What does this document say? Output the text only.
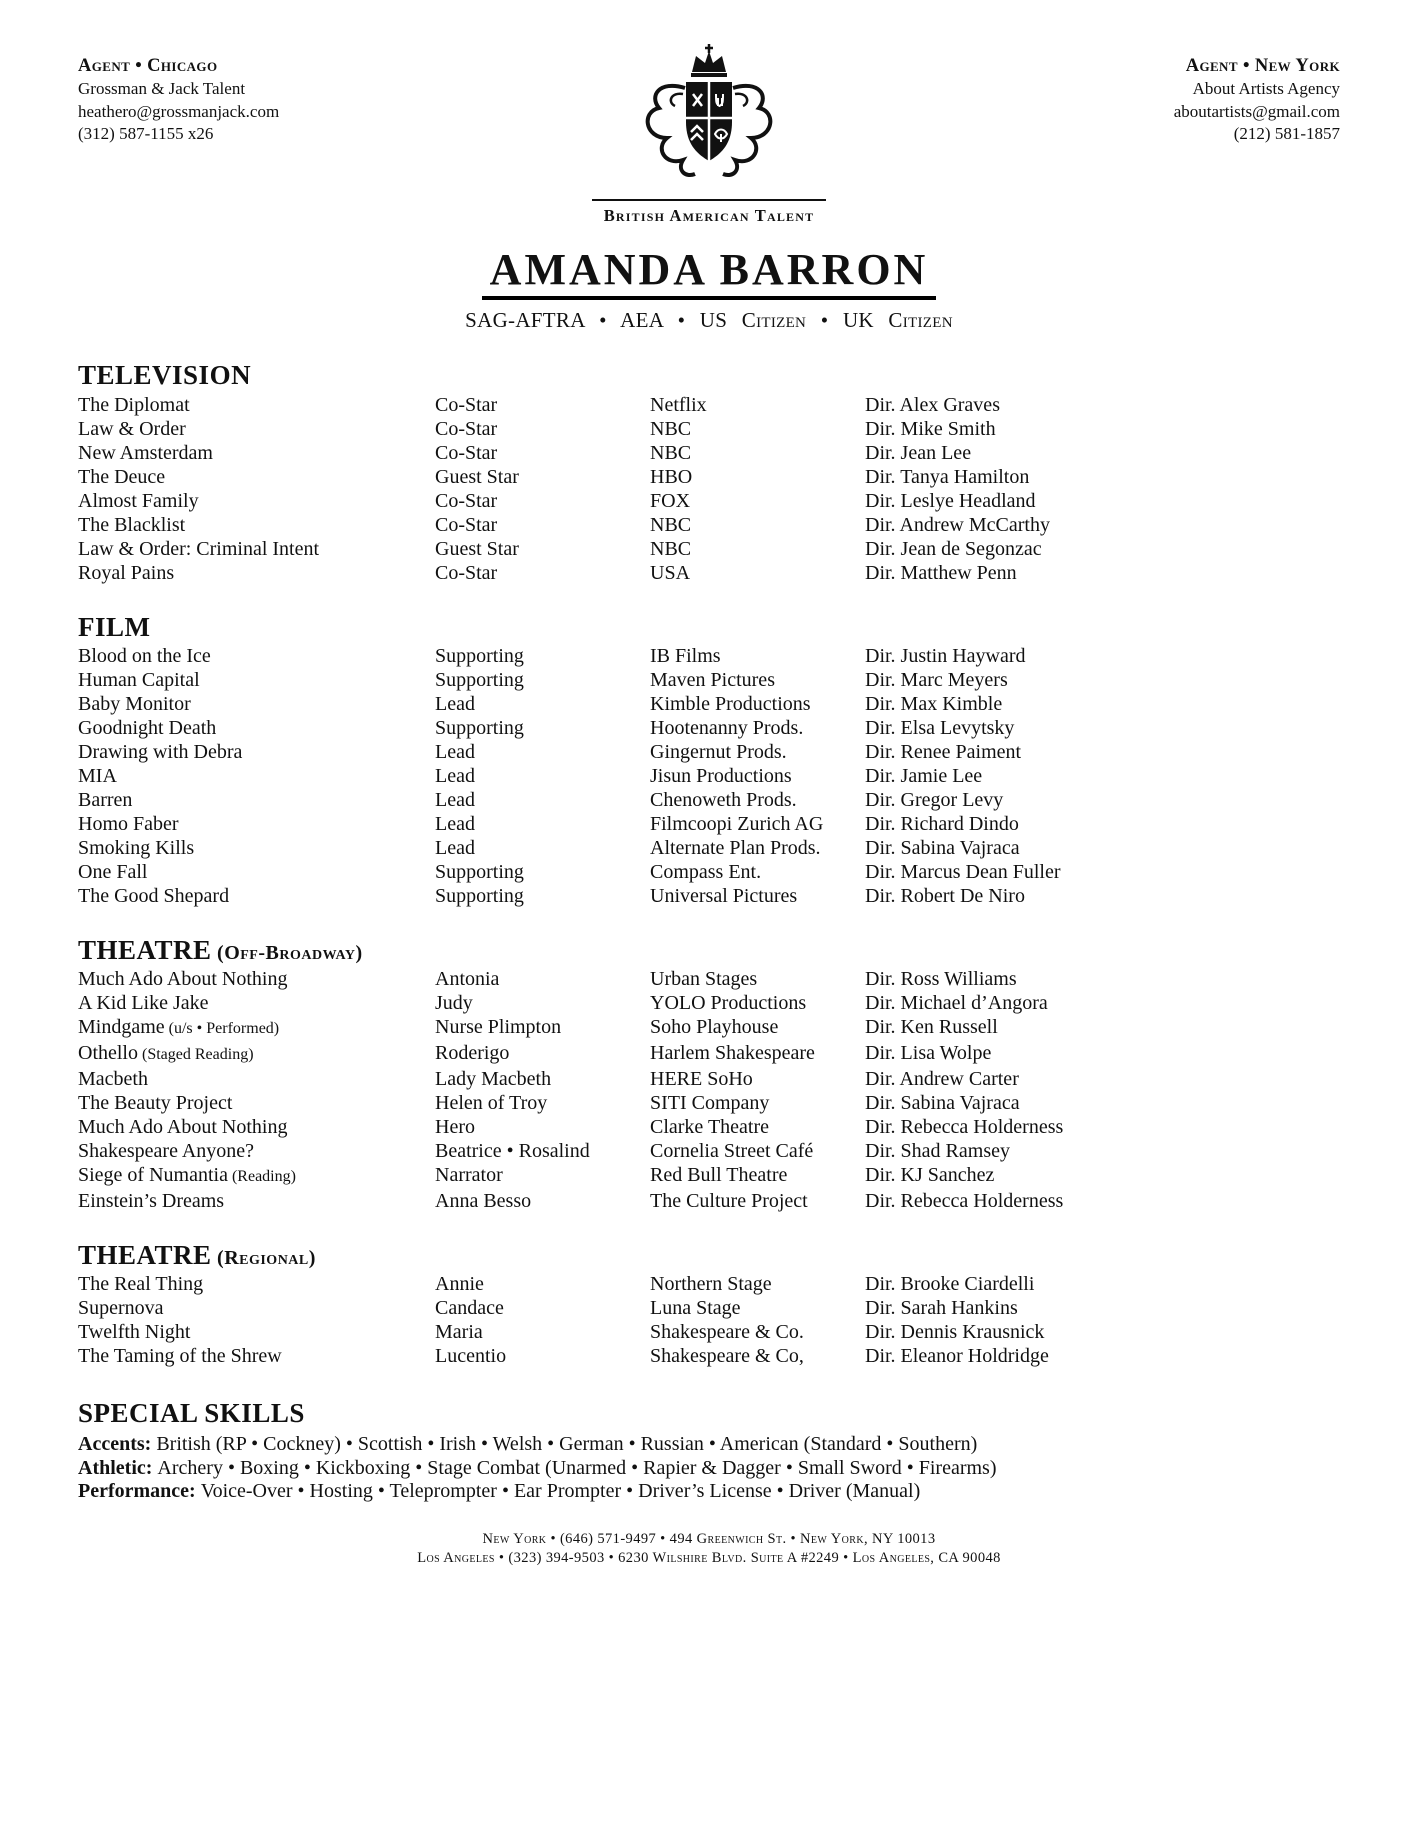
Agent • Chicago
Grossman & Jack Talent
heathero@grossmanjack.com
(312) 587-1155 x26
British American Talent
Agent • New York
About Artists Agency
aboutartists@gmail.com
(212) 581-1857
AMANDA BARRON
SAG-AFTRA • AEA • US Citizen • UK Citizen
TELEVISION
The Diplomat	Co-Star	Netflix	Dir. Alex Graves
Law & Order	Co-Star	NBC	Dir. Mike Smith
New Amsterdam	Co-Star	NBC	Dir. Jean Lee
The Deuce	Guest Star	HBO	Dir. Tanya Hamilton
Almost Family	Co-Star	FOX	Dir. Leslye Headland
The Blacklist	Co-Star	NBC	Dir. Andrew McCarthy
Law & Order: Criminal Intent	Guest Star	NBC	Dir. Jean de Segonzac
Royal Pains	Co-Star	USA	Dir. Matthew Penn
FILM
Blood on the Ice	Supporting	IB Films	Dir. Justin Hayward
Human Capital	Supporting	Maven Pictures	Dir. Marc Meyers
Baby Monitor	Lead	Kimble Productions	Dir. Max Kimble
Goodnight Death	Supporting	Hootenanny Prods.	Dir. Elsa Levytsky
Drawing with Debra	Lead	Gingernut Prods.	Dir. Renee Paiment
MIA	Lead	Jisun Productions	Dir. Jamie Lee
Barren	Lead	Chenoweth Prods.	Dir. Gregor Levy
Homo Faber	Lead	Filmcoopi Zurich AG	Dir. Richard Dindo
Smoking Kills	Lead	Alternate Plan Prods.	Dir. Sabina Vajraca
One Fall	Supporting	Compass Ent.	Dir. Marcus Dean Fuller
The Good Shepard	Supporting	Universal Pictures	Dir. Robert De Niro
THEATRE (Off-Broadway)
Much Ado About Nothing	Antonia	Urban Stages	Dir. Ross Williams
A Kid Like Jake	Judy	YOLO Productions	Dir. Michael d’Angora
Mindgame (u/s • Performed)	Nurse Plimpton	Soho Playhouse	Dir. Ken Russell
Othello (Staged Reading)	Roderigo	Harlem Shakespeare	Dir. Lisa Wolpe
Macbeth	Lady Macbeth	HERE SoHo	Dir. Andrew Carter
The Beauty Project	Helen of Troy	SITI Company	Dir. Sabina Vajraca
Much Ado About Nothing	Hero	Clarke Theatre	Dir. Rebecca Holderness
Shakespeare Anyone?	Beatrice • Rosalind	Cornelia Street Café	Dir. Shad Ramsey
Siege of Numantia (Reading)	Narrator	Red Bull Theatre	Dir. KJ Sanchez
Einstein’s Dreams	Anna Besso	The Culture Project	Dir. Rebecca Holderness
THEATRE (Regional)
The Real Thing	Annie	Northern Stage	Dir. Brooke Ciardelli
Supernova	Candace	Luna Stage	Dir. Sarah Hankins
Twelfth Night	Maria	Shakespeare & Co.	Dir. Dennis Krausnick
The Taming of the Shrew	Lucentio	Shakespeare & Co,	Dir. Eleanor Holdridge
SPECIAL SKILLS

Accents: British (RP • Cockney) • Scottish • Irish • Welsh • German • Russian • American (Standard • Southern)

Athletic: Archery • Boxing • Kickboxing • Stage Combat (Unarmed • Rapier & Dagger • Small Sword • Firearms)

Performance: Voice-Over • Hosting • Teleprompter • Ear Prompter • Driver’s License • Driver (Manual)

New York • (646) 571-9497 • 494 Greenwich St. • New York, NY 10013
Los Angeles • (323) 394-9503 • 6230 Wilshire Blvd. Suite A #2249 • Los Angeles, CA 90048
